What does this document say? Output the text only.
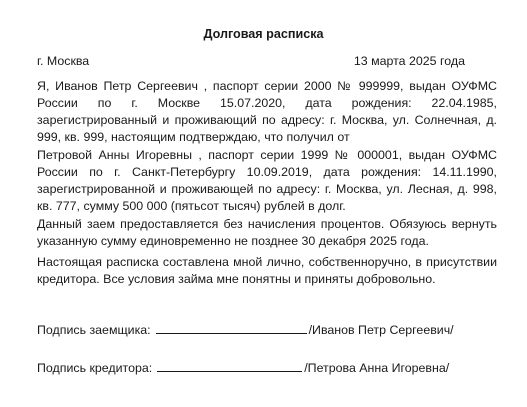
Долговая расписка
г. Москва	13 марта 2025 года

Я, Иванов Петр Сергеевич , паспорт серии 2000 № 999999, выдан ОУФМС России по г. Москве 15.07.2020, дата рождения: 22.04.1985, зарегистрированный и проживающий по адресу: г. Москва, ул. Солнечная, д. 999, кв. 999, настоящим подтверждаю, что получил от

Петровой Анны Игоревны , паспорт серии 1999 № 000001, выдан ОУФМС России по г. Санкт-Петербургу 10.09.2019, дата рождения: 14.11.1990, зарегистрированной и проживающей по адресу: г. Москва, ул. Лесная, д. 998, кв. 777, сумму 500 000 (пятьсот тысяч) рублей в долг.

Данный заем предоставляется без начисления процентов. Обязуюсь вернуть указанную сумму единовременно не позднее 30 декабря 2025 года.

Настоящая расписка составлена мной лично, собственноручно, в присутствии кредитора. Все условия займа мне понятны и приняты добровольно.

Подпись заемщика:	/Иванов Петр Сергеевич/
Подпись кредитора:	/Петрова Анна Игоревна/
